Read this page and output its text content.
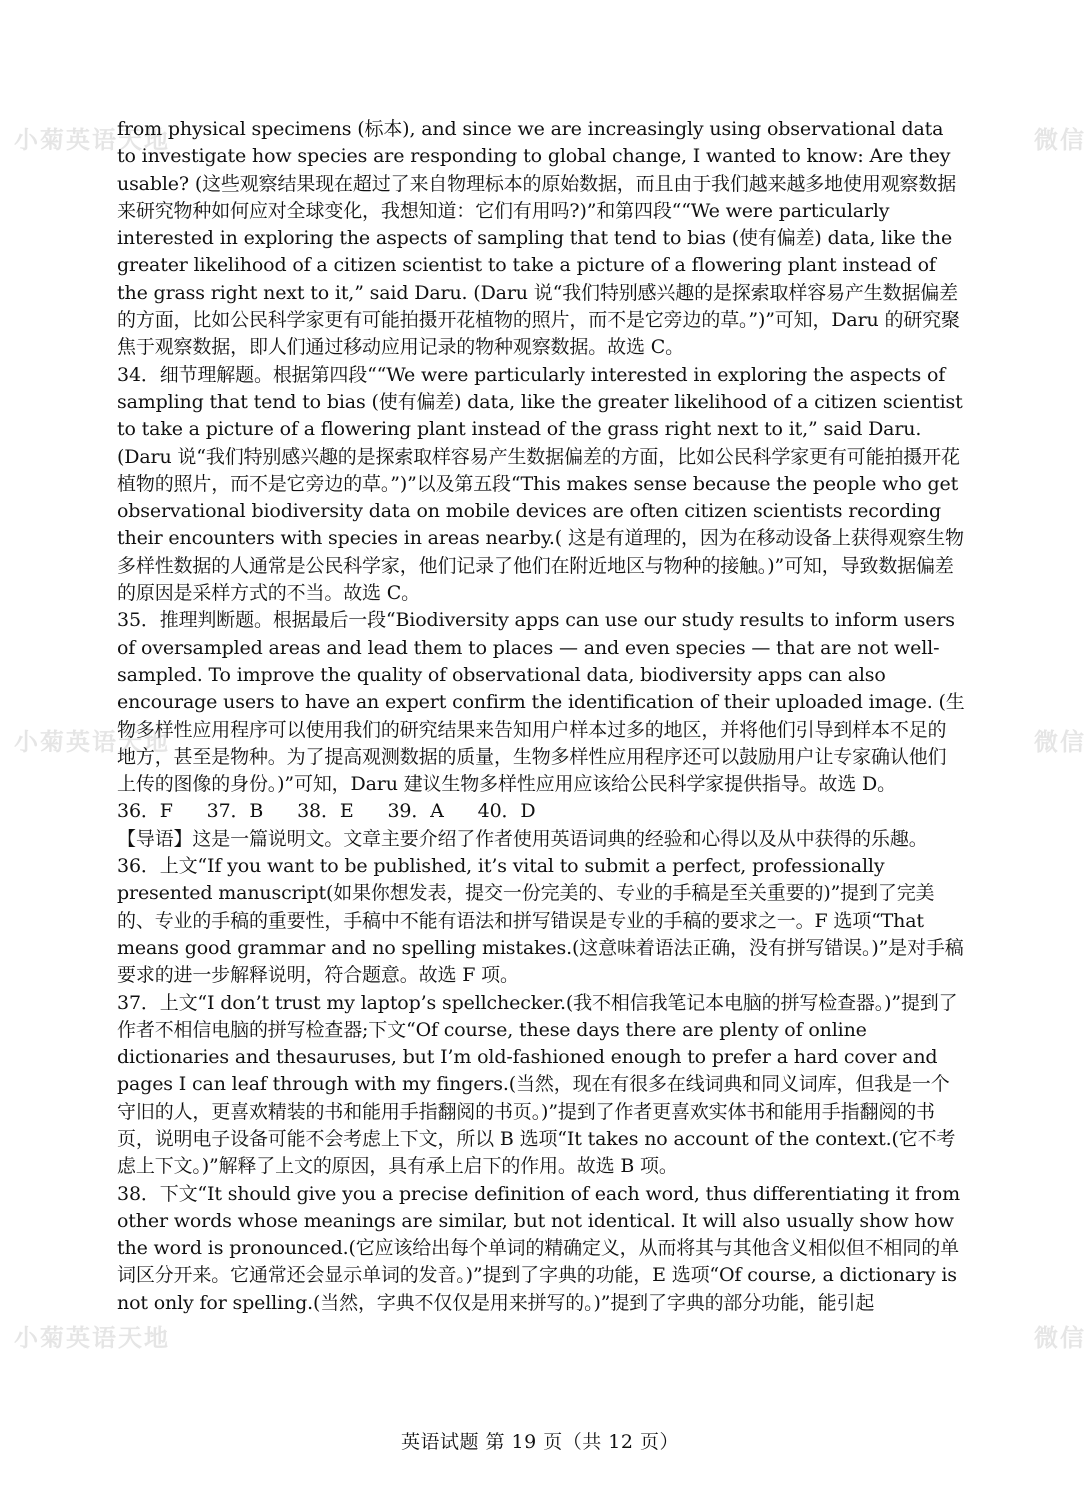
小菊英语天地	微信
小菊英语天地	微信
小菊英语天地	微信

from physical specimens (标本), and since we are increasingly using observational data to investigate how species are responding to global change, I wanted to know: Are they usable? (这些观察结果现在超过了来自物理标本的原始数据，而且由于我们越来越多地使用观察数据来研究物种如何应对全球变化，我想知道：它们有用吗?)”和第四段““We were particularly interested in exploring the aspects of sampling that tend to bias (使有偏差) data, like the greater likelihood of a citizen scientist to take a picture of a flowering plant instead of the grass right next to it,” said Daru. (Daru 说“我们特别感兴趣的是探索取样容易产生数据偏差的方面，比如公民科学家更有可能拍摄开花植物的照片，而不是它旁边的草。”)”可知，Daru 的研究聚焦于观察数据，即人们通过移动应用记录的物种观察数据。故选 C。

34．细节理解题。根据第四段““We were particularly interested in exploring the aspects of sampling that tend to bias (使有偏差) data, like the greater likelihood of a citizen scientist to take a picture of a flowering plant instead of the grass right next to it,” said Daru. (Daru 说“我们特别感兴趣的是探索取样容易产生数据偏差的方面，比如公民科学家更有可能拍摄开花植物的照片，而不是它旁边的草。”)”以及第五段“This makes sense because the people who get observational biodiversity data on mobile devices are often citizen scientists recording their encounters with species in areas nearby.( 这是有道理的，因为在移动设备上获得观察生物多样性数据的人通常是公民科学家，他们记录了他们在附近地区与物种的接触。)”可知，导致数据偏差的原因是采样方式的不当。故选 C。

35．推理判断题。根据最后一段“Biodiversity apps can use our study results to inform users of oversampled areas and lead them to places — and even species — that are not well-sampled. To improve the quality of observational data, biodiversity apps can also encourage users to have an expert confirm the identification of their uploaded image. (生物多样性应用程序可以使用我们的研究结果来告知用户样本过多的地区，并将他们引导到样本不足的地方，甚至是物种。为了提高观测数据的质量，生物多样性应用程序还可以鼓励用户让专家确认他们上传的图像的身份。)”可知，Daru 建议生物多样性应用应该给公民科学家提供指导。故选 D。

36．F 37．B 38．E 39．A 40．D

【导语】这是一篇说明文。文章主要介绍了作者使用英语词典的经验和心得以及从中获得的乐趣。

36．上文“If you want to be published, it’s vital to submit a perfect, professionally presented manuscript(如果你想发表，提交一份完美的、专业的手稿是至关重要的)”提到了完美的、专业的手稿的重要性，手稿中不能有语法和拼写错误是专业的手稿的要求之一。F 选项“That means good grammar and no spelling mistakes.(这意味着语法正确，没有拼写错误。)”是对手稿要求的进一步解释说明，符合题意。故选 F 项。

37．上文“I don’t trust my laptop’s spellchecker.(我不相信我笔记本电脑的拼写检查器。)”提到了作者不相信电脑的拼写检查器;下文“Of course, these days there are plenty of online dictionaries and thesauruses, but I’m old-fashioned enough to prefer a hard cover and pages I can leaf through with my fingers.(当然，现在有很多在线词典和同义词库，但我是一个守旧的人，更喜欢精装的书和能用手指翻阅的书页。)”提到了作者更喜欢实体书和能用手指翻阅的书页，说明电子设备可能不会考虑上下文，所以 B 选项“It takes no account of the context.(它不考虑上下文。)”解释了上文的原因，具有承上启下的作用。故选 B 项。

38．下文“It should give you a precise definition of each word, thus differentiating it from other words whose meanings are similar, but not identical. It will also usually show how the word is pronounced.(它应该给出每个单词的精确定义，从而将其与其他含义相似但不相同的单词区分开来。它通常还会显示单词的发音。)”提到了字典的功能，E 选项“Of course, a dictionary is not only for spelling.(当然，字典不仅仅是用来拼写的。)”提到了字典的部分功能，能引起

英语试题 第 19 页（共 12 页）
